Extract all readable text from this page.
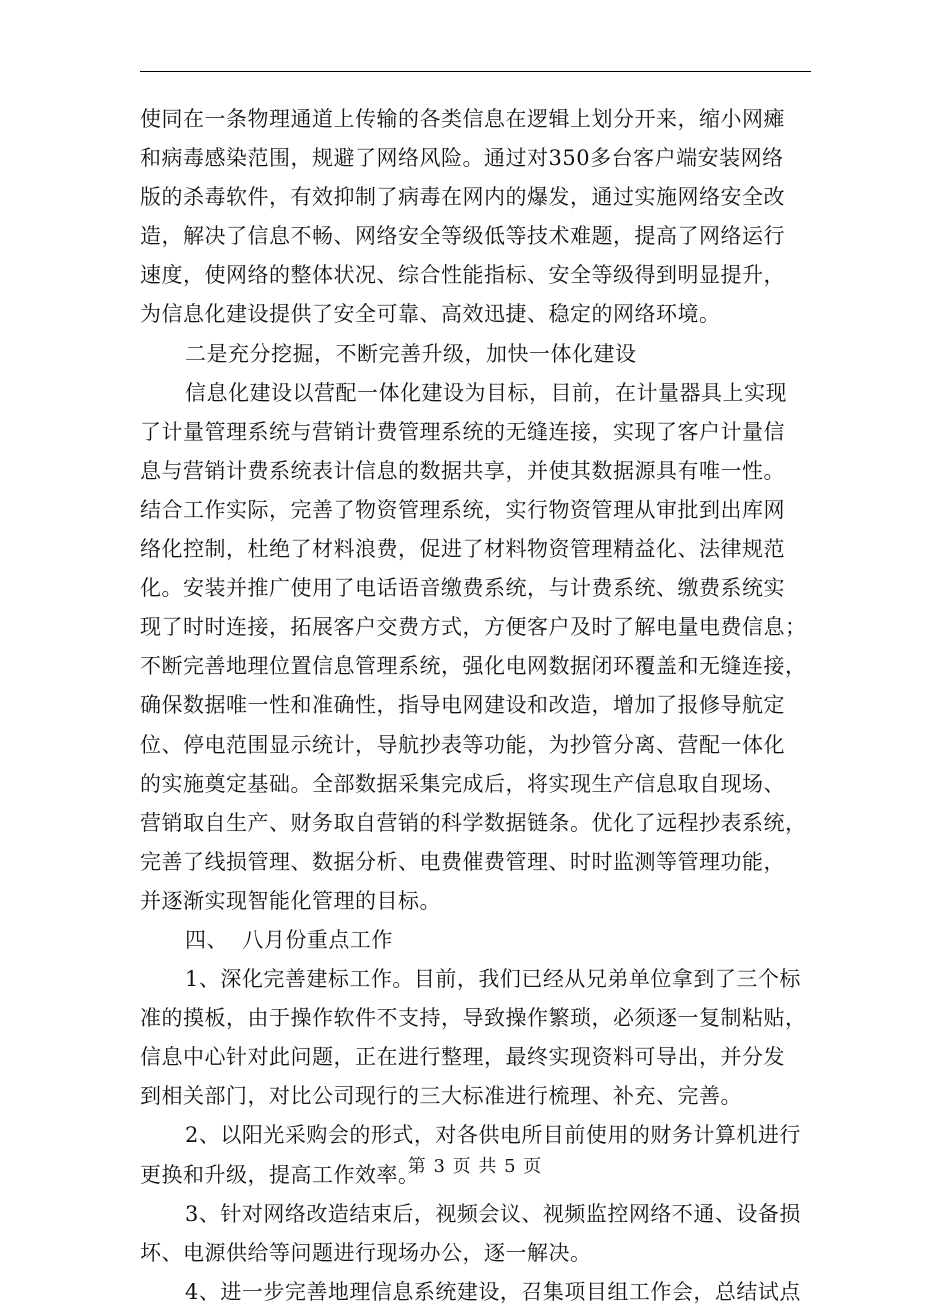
使同在一条物理通道上传输的各类信息在逻辑上划分开来，缩小网瘫
和病毒感染范围，规避了网络风险。通过对350多台客户端安装网络
版的杀毒软件，有效抑制了病毒在网内的爆发，通过实施网络安全改
造，解决了信息不畅、网络安全等级低等技术难题，提高了网络运行
速度，使网络的整体状况、综合性能指标、安全等级得到明显提升，
为信息化建设提供了安全可靠、高效迅捷、稳定的网络环境。
二是充分挖掘，不断完善升级，加快一体化建设
信息化建设以营配一体化建设为目标，目前，在计量器具上实现
了计量管理系统与营销计费管理系统的无缝连接，实现了客户计量信
息与营销计费系统表计信息的数据共享，并使其数据源具有唯一性。
结合工作实际，完善了物资管理系统，实行物资管理从审批到出库网
络化控制，杜绝了材料浪费，促进了材料物资管理精益化、法律规范
化。安装并推广使用了电话语音缴费系统，与计费系统、缴费系统实
现了时时连接，拓展客户交费方式，方便客户及时了解电量电费信息；
不断完善地理位置信息管理系统，强化电网数据闭环覆盖和无缝连接，
确保数据唯一性和准确性，指导电网建设和改造，增加了报修导航定
位、停电范围显示统计，导航抄表等功能，为抄管分离、营配一体化
的实施奠定基础。全部数据采集完成后，将实现生产信息取自现场、
营销取自生产、财务取自营销的科学数据链条。优化了远程抄表系统，
完善了线损管理、数据分析、电费催费管理、时时监测等管理功能，
并逐渐实现智能化管理的目标。
四、  八月份重点工作
1、深化完善建标工作。目前，我们已经从兄弟单位拿到了三个标
准的摸板，由于操作软件不支持，导致操作繁琐，必须逐一复制粘贴，
信息中心针对此问题，正在进行整理，最终实现资料可导出，并分发
到相关部门，对比公司现行的三大标准进行梳理、补充、完善。
2、以阳光采购会的形式，对各供电所目前使用的财务计算机进行
更换和升级，提高工作效率。
3、针对网络改造结束后，视频会议、视频监控网络不通、设备损
坏、电源供给等问题进行现场办公，逐一解决。
4、进一步完善地理信息系统建设，召集项目组工作会，总结试点
第 3 页 共 5 页
